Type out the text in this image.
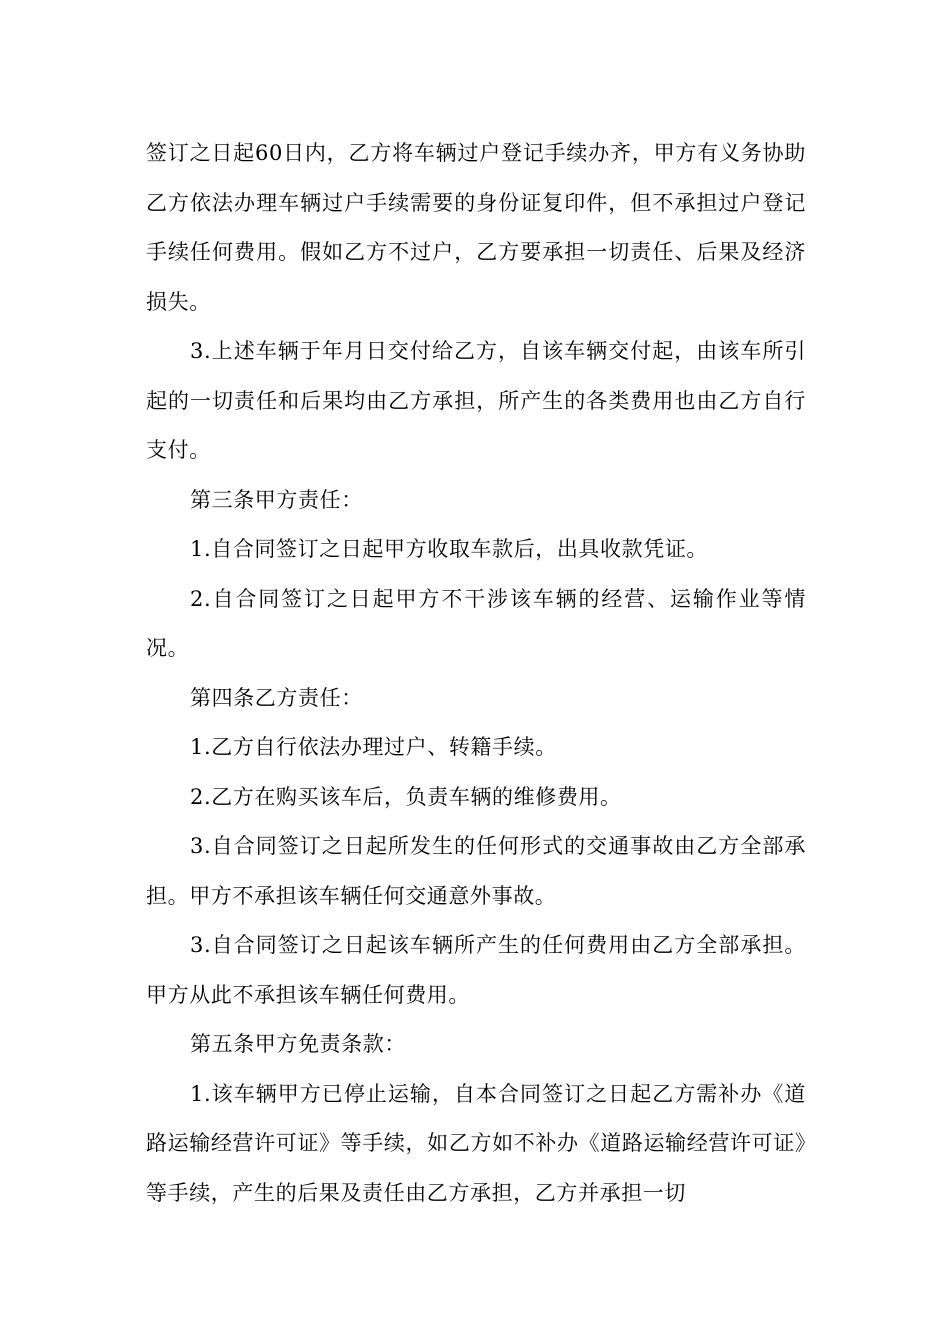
签订之日起60日内，乙方将车辆过户登记手续办齐，甲方有义务协助乙方依法办理车辆过户手续需要的身份证复印件，但不承担过户登记手续任何费用。假如乙方不过户，乙方要承担一切责任、后果及经济损失。

3.上述车辆于年月日交付给乙方，自该车辆交付起，由该车所引起的一切责任和后果均由乙方承担，所产生的各类费用也由乙方自行支付。

第三条甲方责任：

1.自合同签订之日起甲方收取车款后，出具收款凭证。

2.自合同签订之日起甲方不干涉该车辆的经营、运输作业等情况。

第四条乙方责任：

1.乙方自行依法办理过户、转籍手续。

2.乙方在购买该车后，负责车辆的维修费用。

3.自合同签订之日起所发生的任何形式的交通事故由乙方全部承担。甲方不承担该车辆任何交通意外事故。

3.自合同签订之日起该车辆所产生的任何费用由乙方全部承担。甲方从此不承担该车辆任何费用。

第五条甲方免责条款：

1.该车辆甲方已停止运输，自本合同签订之日起乙方需补办《道路运输经营许可证》等手续，如乙方如不补办《道路运输经营许可证》等手续，产生的后果及责任由乙方承担，乙方并承担一切
